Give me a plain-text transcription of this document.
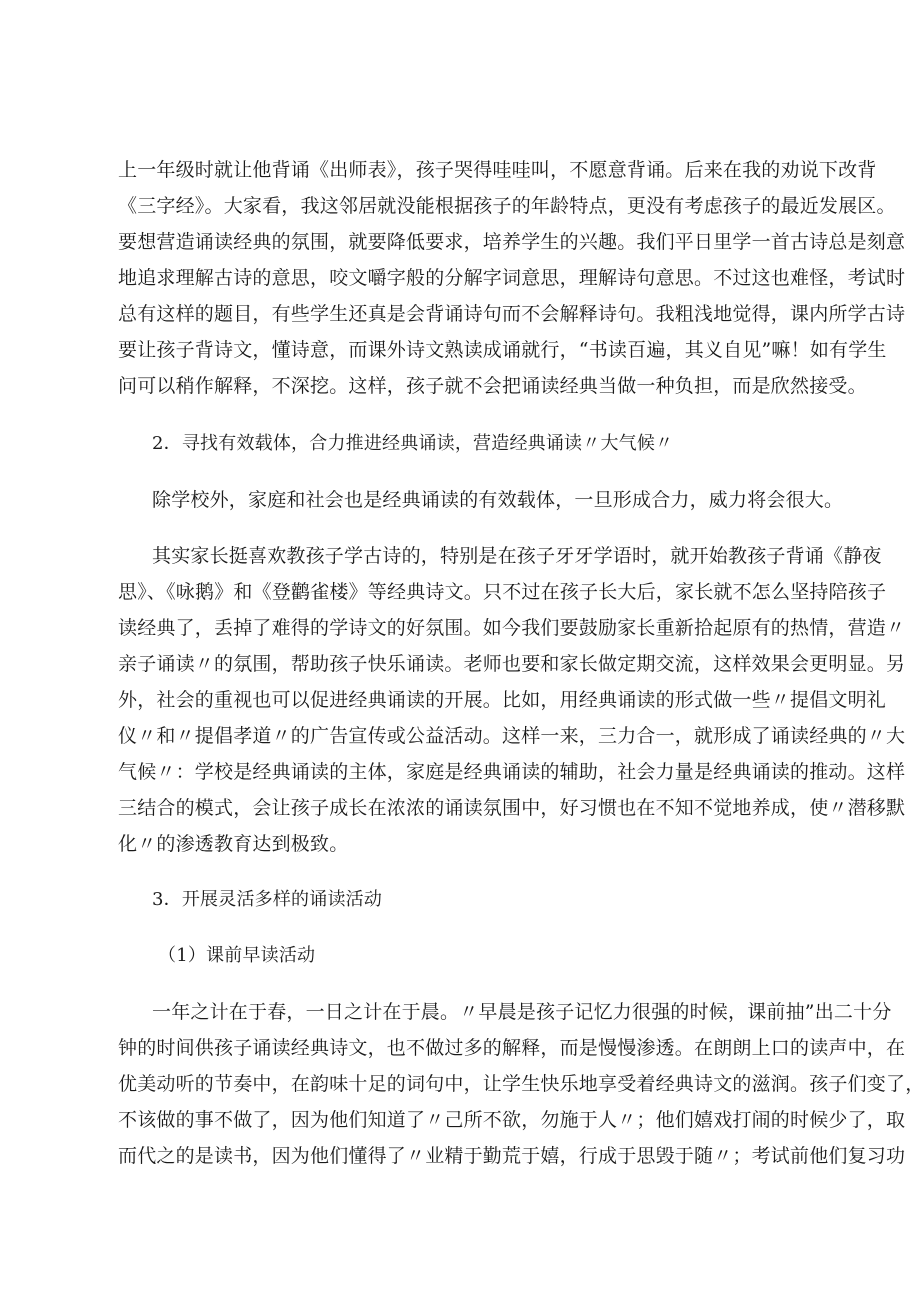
上一年级时就让他背诵《出师表》，孩子哭得哇哇叫，不愿意背诵。后来在我的劝说下改背
《三字经》。大家看，我这邻居就没能根据孩子的年龄特点，更没有考虑孩子的最近发展区。
要想营造诵读经典的氛围，就要降低要求，培养学生的兴趣。我们平日里学一首古诗总是刻意
地追求理解古诗的意思，咬文嚼字般的分解字词意思，理解诗句意思。不过这也难怪，考试时
总有这样的题目，有些学生还真是会背诵诗句而不会解释诗句。我粗浅地觉得，课内所学古诗
要让孩子背诗文，懂诗意，而课外诗文熟读成诵就行，“书读百遍，其义自见”嘛！如有学生
问可以稍作解释，不深挖。这样，孩子就不会把诵读经典当做一种负担，而是欣然接受。
2．寻找有效载体，合力推进经典诵读，营造经典诵读〃大气候〃
除学校外，家庭和社会也是经典诵读的有效载体，一旦形成合力，威力将会很大。
其实家长挺喜欢教孩子学古诗的，特别是在孩子牙牙学语时，就开始教孩子背诵《静夜
思》、《咏鹅》和《登鹳雀楼》等经典诗文。只不过在孩子长大后，家长就不怎么坚持陪孩子
读经典了，丢掉了难得的学诗文的好氛围。如今我们要鼓励家长重新拾起原有的热情，营造〃
亲子诵读〃的氛围，帮助孩子快乐诵读。老师也要和家长做定期交流，这样效果会更明显。另
外，社会的重视也可以促进经典诵读的开展。比如，用经典诵读的形式做一些〃提倡文明礼
仪〃和〃提倡孝道〃的广告宣传或公益活动。这样一来，三力合一，就形成了诵读经典的〃大
气候〃：学校是经典诵读的主体，家庭是经典诵读的辅助，社会力量是经典诵读的推动。这样
三结合的模式，会让孩子成长在浓浓的诵读氛围中，好习惯也在不知不觉地养成，使〃潜移默
化〃的渗透教育达到极致。
3．开展灵活多样的诵读活动
（1）课前早读活动
一年之计在于春，一日之计在于晨。〃早晨是孩子记忆力很强的时候，课前抽”出二十分
钟的时间供孩子诵读经典诗文，也不做过多的解释，而是慢慢渗透。在朗朗上口的读声中，在
优美动听的节奏中，在韵味十足的词句中，让学生快乐地享受着经典诗文的滋润。孩子们变了，
不该做的事不做了，因为他们知道了〃己所不欲，勿施于人〃；他们嬉戏打闹的时候少了，取
而代之的是读书，因为他们懂得了〃业精于勤荒于嬉，行成于思毁于随〃；考试前他们复习功
